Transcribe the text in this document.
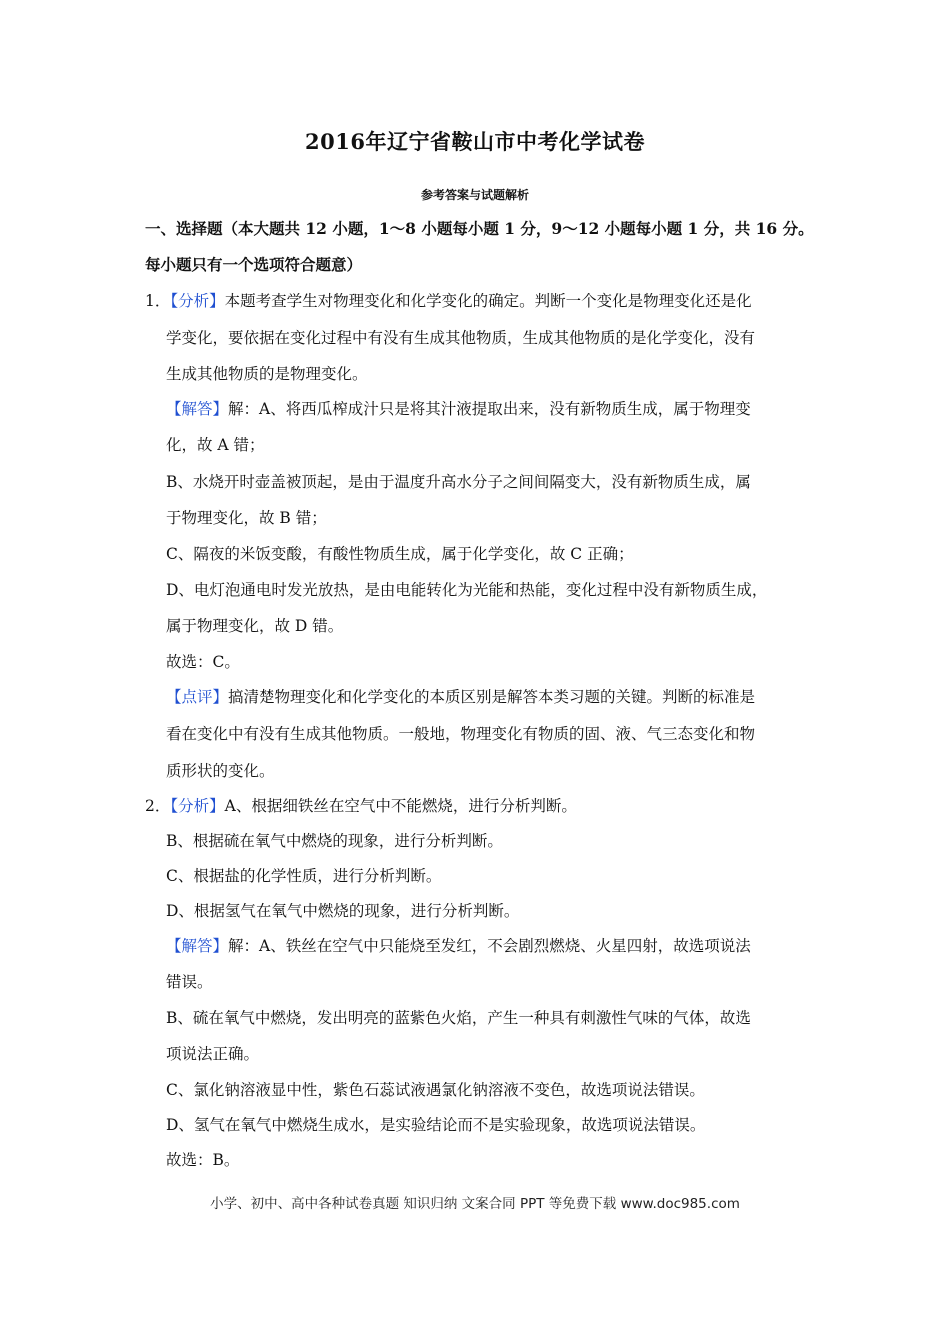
2016年辽宁省鞍山市中考化学试卷
参考答案与试题解析
一、选择题（本大题共 12 小题，1～8 小题每小题 1 分，9～12 小题每小题 1 分，共 16 分。
每小题只有一个选项符合题意）
1．【分析】本题考查学生对物理变化和化学变化的确定。判断一个变化是物理变化还是化
学变化，要依据在变化过程中有没有生成其他物质，生成其他物质的是化学变化，没有
生成其他物质的是物理变化。
【解答】解：A、将西瓜榨成汁只是将其汁液提取出来，没有新物质生成，属于物理变
化，故 A 错；
B、水烧开时壶盖被顶起，是由于温度升高水分子之间间隔变大，没有新物质生成，属
于物理变化，故 B 错；
C、隔夜的米饭变酸，有酸性物质生成，属于化学变化，故 C 正确；
D、电灯泡通电时发光放热，是由电能转化为光能和热能，变化过程中没有新物质生成，
属于物理变化，故 D 错。
故选：C。
【点评】搞清楚物理变化和化学变化的本质区别是解答本类习题的关键。判断的标准是
看在变化中有没有生成其他物质。一般地，物理变化有物质的固、液、气三态变化和物
质形状的变化。
2．【分析】A、根据细铁丝在空气中不能燃烧，进行分析判断。
B、根据硫在氧气中燃烧的现象，进行分析判断。
C、根据盐的化学性质，进行分析判断。
D、根据氢气在氧气中燃烧的现象，进行分析判断。
【解答】解：A、铁丝在空气中只能烧至发红，不会剧烈燃烧、火星四射，故选项说法
错误。
B、硫在氧气中燃烧，发出明亮的蓝紫色火焰，产生一种具有刺激性气味的气体，故选
项说法正确。
C、氯化钠溶液显中性，紫色石蕊试液遇氯化钠溶液不变色，故选项说法错误。
D、氢气在氧气中燃烧生成水，是实验结论而不是实验现象，故选项说法错误。
故选：B。
小学、初中、高中各种试卷真题 知识归纳 文案合同 PPT 等免费下载 www.doc985.com
